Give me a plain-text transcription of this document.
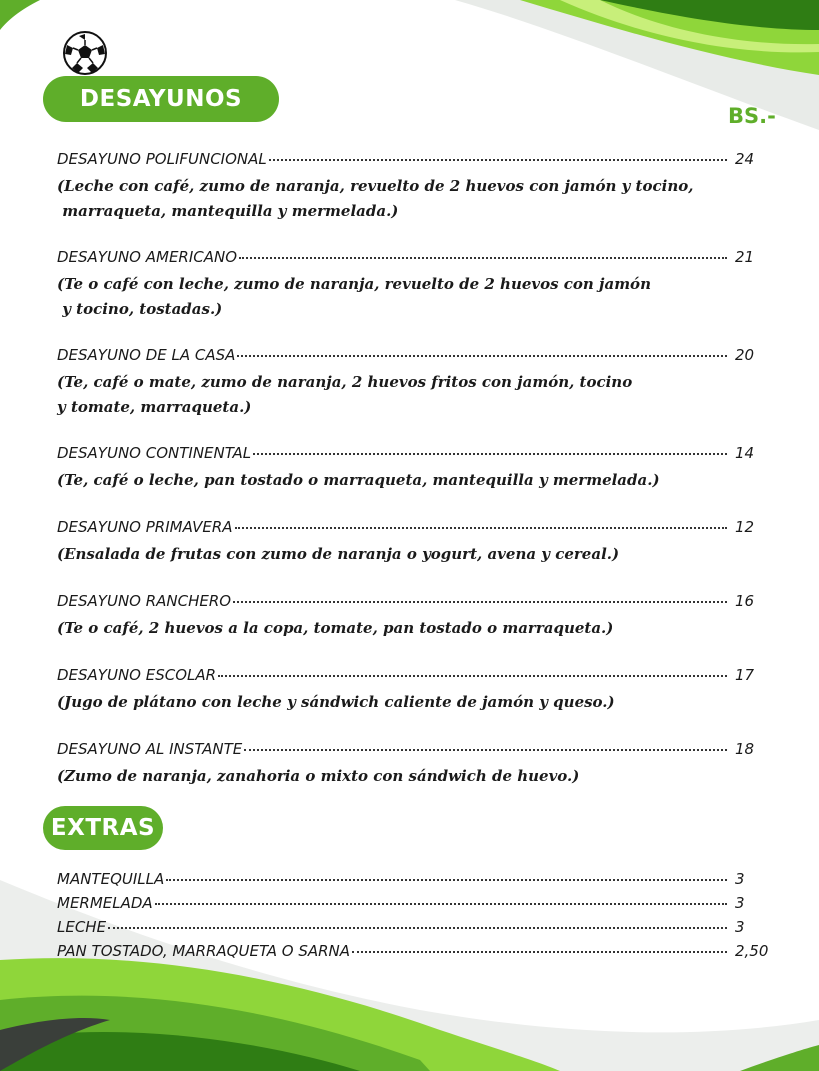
DESAYUNOS
BS.-
DESAYUNO POLIFUNCIONAL	24
(Leche con café, zumo de naranja, revuelto de 2 huevos con jamón y tocino,
marraqueta, mantequilla y mermelada.)
DESAYUNO AMERICANO	21
(Te o café con leche, zumo de naranja, revuelto de 2 huevos con jamón
y tocino, tostadas.)
DESAYUNO DE LA CASA	20
(Te, café o mate, zumo de naranja, 2 huevos fritos con jamón, tocino
y tomate, marraqueta.)
DESAYUNO CONTINENTAL	14
(Te, café o leche, pan tostado o marraqueta, mantequilla y mermelada.)
DESAYUNO PRIMAVERA	12
(Ensalada de frutas con zumo de naranja o yogurt, avena y cereal.)
DESAYUNO RANCHERO	16
(Te o café, 2 huevos a la copa, tomate, pan tostado o marraqueta.)
DESAYUNO ESCOLAR	17
(Jugo de plátano con leche y sándwich caliente de jamón y queso.)
DESAYUNO AL INSTANTE	18
(Zumo de naranja, zanahoria o mixto con sándwich de huevo.)
EXTRAS
MANTEQUILLA	3
MERMELADA	3
LECHE	3
PAN TOSTADO, MARRAQUETA O SARNA	2,50
